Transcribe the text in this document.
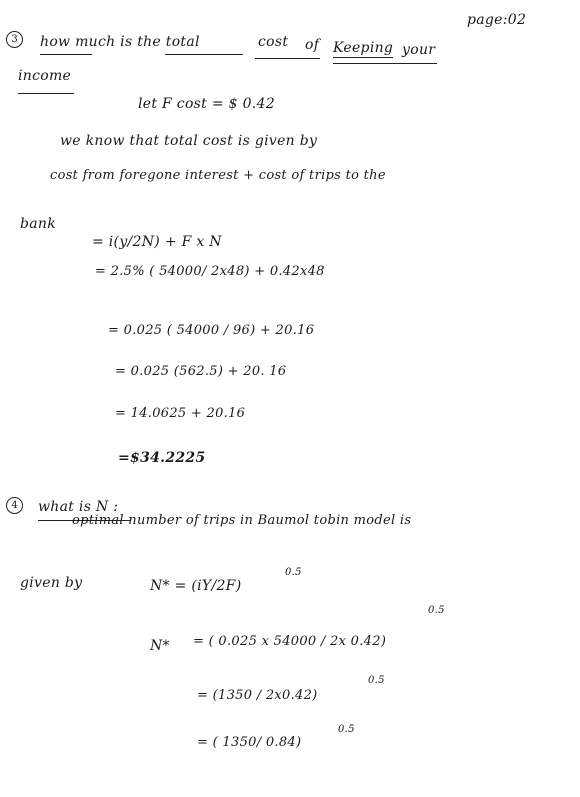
page:02
3	how much is the total	cost of Keeping your
income
let F cost = $ 0.42
we know that total cost is given by
cost from foregone interest + cost of trips to the
bank
= i(y/2N) + F x N
= 2.5% ( 54000/ 2x48) + 0.42x48
= 0.025 ( 54000 / 96) + 20.16
= 0.025 (562.5) + 20. 16
= 14.0625 + 20.16
=$34.2225
4	what is N :
optimal number of trips in Baumol tobin model is
given by	N* = (iY/2F)
0.5
0.5
N* = ( 0.025 x 54000 / 2x 0.42)
0.5
= (1350 / 2x0.42)
0.5
= ( 1350/ 0.84)
